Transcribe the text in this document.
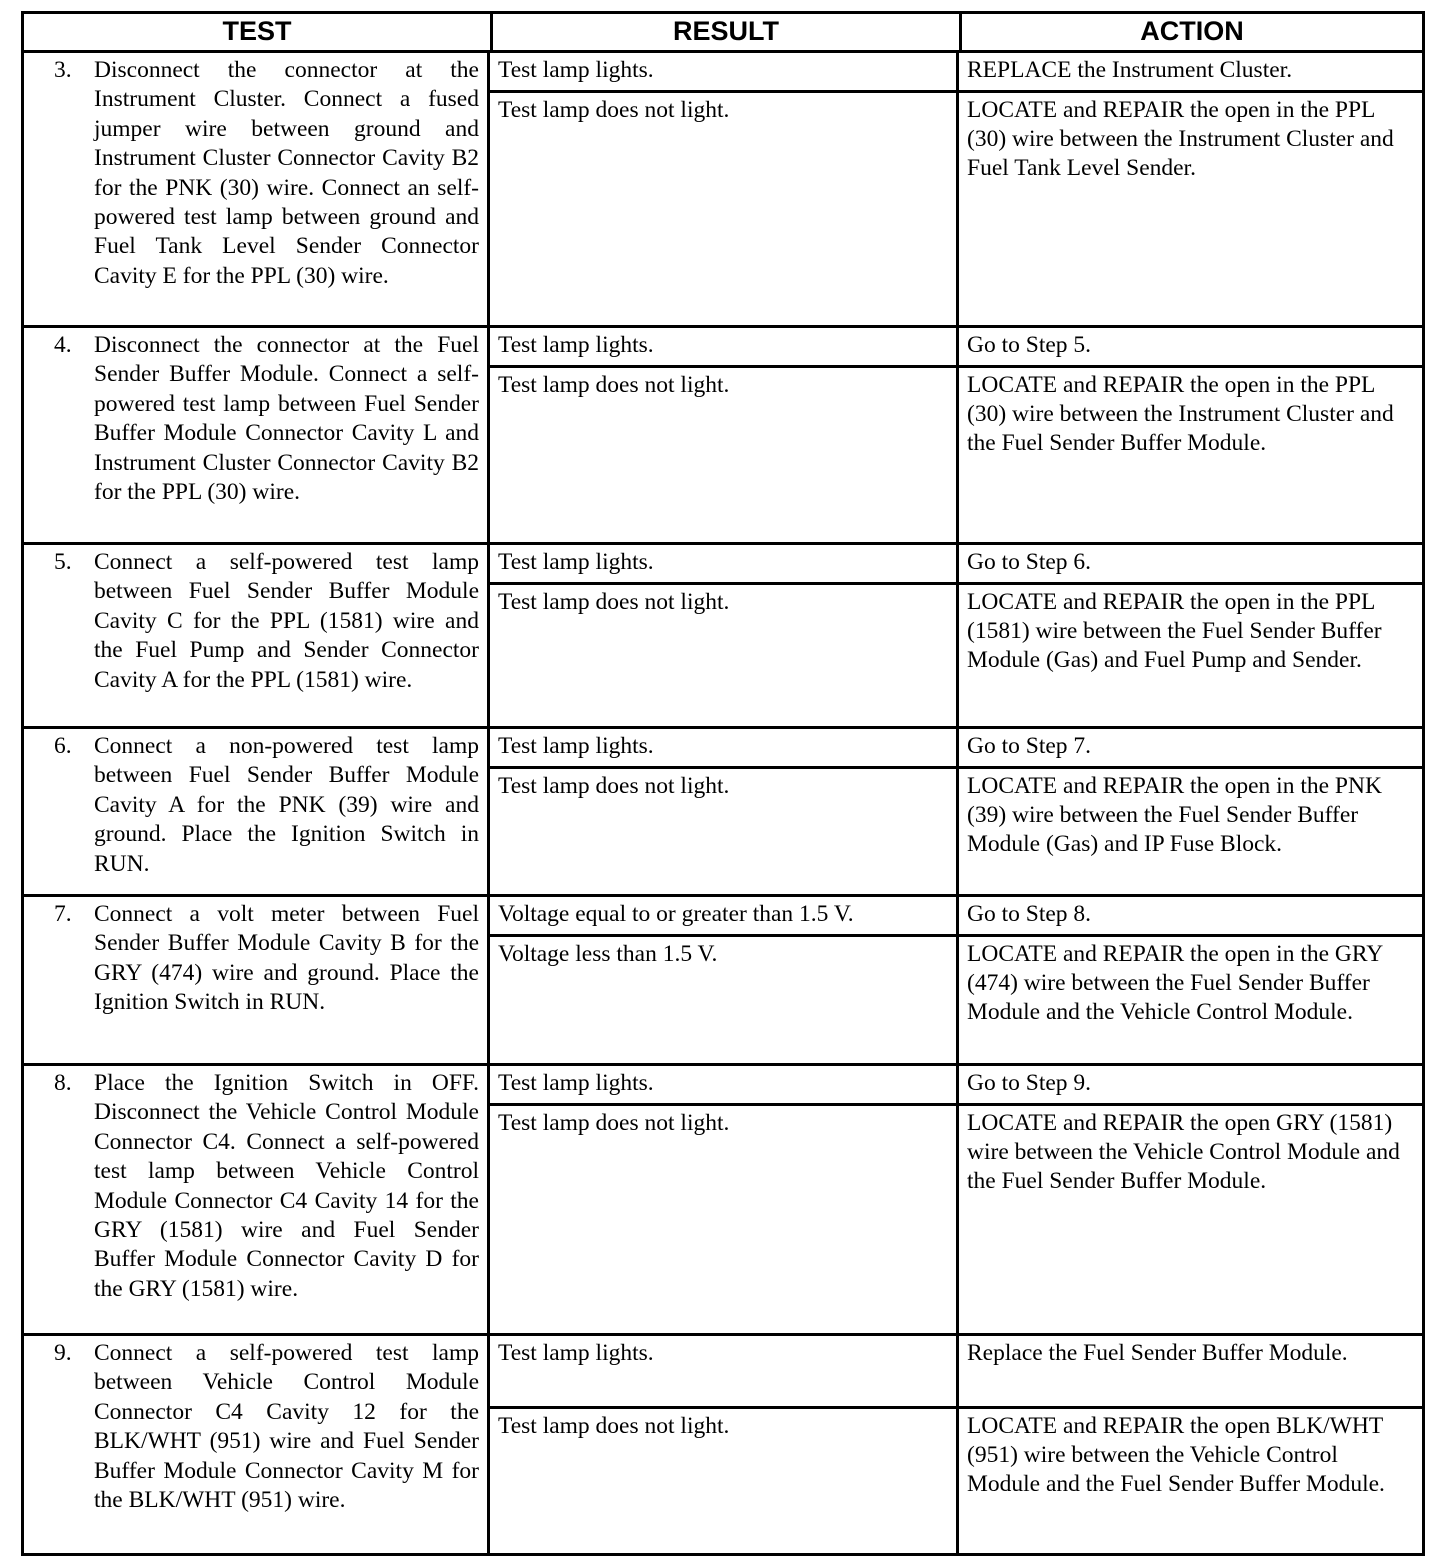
TEST	RESULT	ACTION
3. Disconnect the connector at the Instrument Cluster. Connect a fused jumper wire between ground and Instrument Cluster Connector Cavity B2 for the PNK (30) wire. Connect an self-powered test lamp between ground and Fuel Tank Level Sender Connector Cavity E for the PPL (30) wire.
Test lamp lights.	REPLACE the Instrument Cluster.
Test lamp does not light.	LOCATE and REPAIR the open in the PPL (30) wire between the Instrument Cluster and Fuel Tank Level Sender.
4. Disconnect the connector at the Fuel Sender Buffer Module. Connect a self-powered test lamp between Fuel Sender Buffer Module Connector Cavity L and Instrument Cluster Connector Cavity B2 for the PPL (30) wire.
Test lamp lights.	Go to Step 5.
Test lamp does not light.	LOCATE and REPAIR the open in the PPL (30) wire between the Instrument Cluster and the Fuel Sender Buffer Module.
5. Connect a self-powered test lamp between Fuel Sender Buffer Module Cavity C for the PPL (1581) wire and the Fuel Pump and Sender Connector Cavity A for the PPL (1581) wire.
Test lamp lights.	Go to Step 6.
Test lamp does not light.	LOCATE and REPAIR the open in the PPL (1581) wire between the Fuel Sender Buffer Module (Gas) and Fuel Pump and Sender.
6. Connect a non-powered test lamp between Fuel Sender Buffer Module Cavity A for the PNK (39) wire and ground. Place the Ignition Switch in RUN.
Test lamp lights.	Go to Step 7.
Test lamp does not light.	LOCATE and REPAIR the open in the PNK (39) wire between the Fuel Sender Buffer Module (Gas) and IP Fuse Block.
7. Connect a volt meter between Fuel Sender Buffer Module Cavity B for the GRY (474) wire and ground. Place the Ignition Switch in RUN.
Voltage equal to or greater than 1.5 V.	Go to Step 8.
Voltage less than 1.5 V.	LOCATE and REPAIR the open in the GRY (474) wire between the Fuel Sender Buffer Module and the Vehicle Control Module.
8. Place the Ignition Switch in OFF. Disconnect the Vehicle Control Module Connector C4. Connect a self-powered test lamp between Vehicle Control Module Connector C4 Cavity 14 for the GRY (1581) wire and Fuel Sender Buffer Module Connector Cavity D for the GRY (1581) wire.
Test lamp lights.	Go to Step 9.
Test lamp does not light.	LOCATE and REPAIR the open GRY (1581) wire between the Vehicle Control Module and the Fuel Sender Buffer Module.
9. Connect a self-powered test lamp between Vehicle Control Module Connector C4 Cavity 12 for the BLK/WHT (951) wire and Fuel Sender Buffer Module Connector Cavity M for the BLK/WHT (951) wire.
Test lamp lights.	Replace the Fuel Sender Buffer Module.
Test lamp does not light.	LOCATE and REPAIR the open BLK/WHT (951) wire between the Vehicle Control Module and the Fuel Sender Buffer Module.
